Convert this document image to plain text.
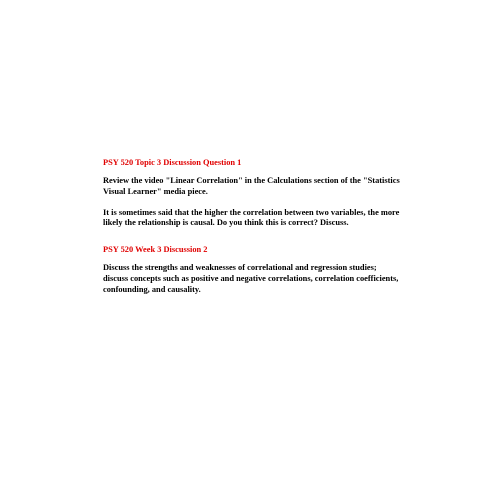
PSY 520 Topic 3 Discussion Question 1

Review the video "Linear Correlation" in the Calculations section of the "Statistics Visual Learner" media piece.

It is sometimes said that the higher the correlation between two variables, the more likely the relationship is causal. Do you think this is correct? Discuss.

PSY 520 Week 3 Discussion 2

Discuss the strengths and weaknesses of correlational and regression studies; discuss concepts such as positive and negative correlations, correlation coefficients, confounding, and causality.
